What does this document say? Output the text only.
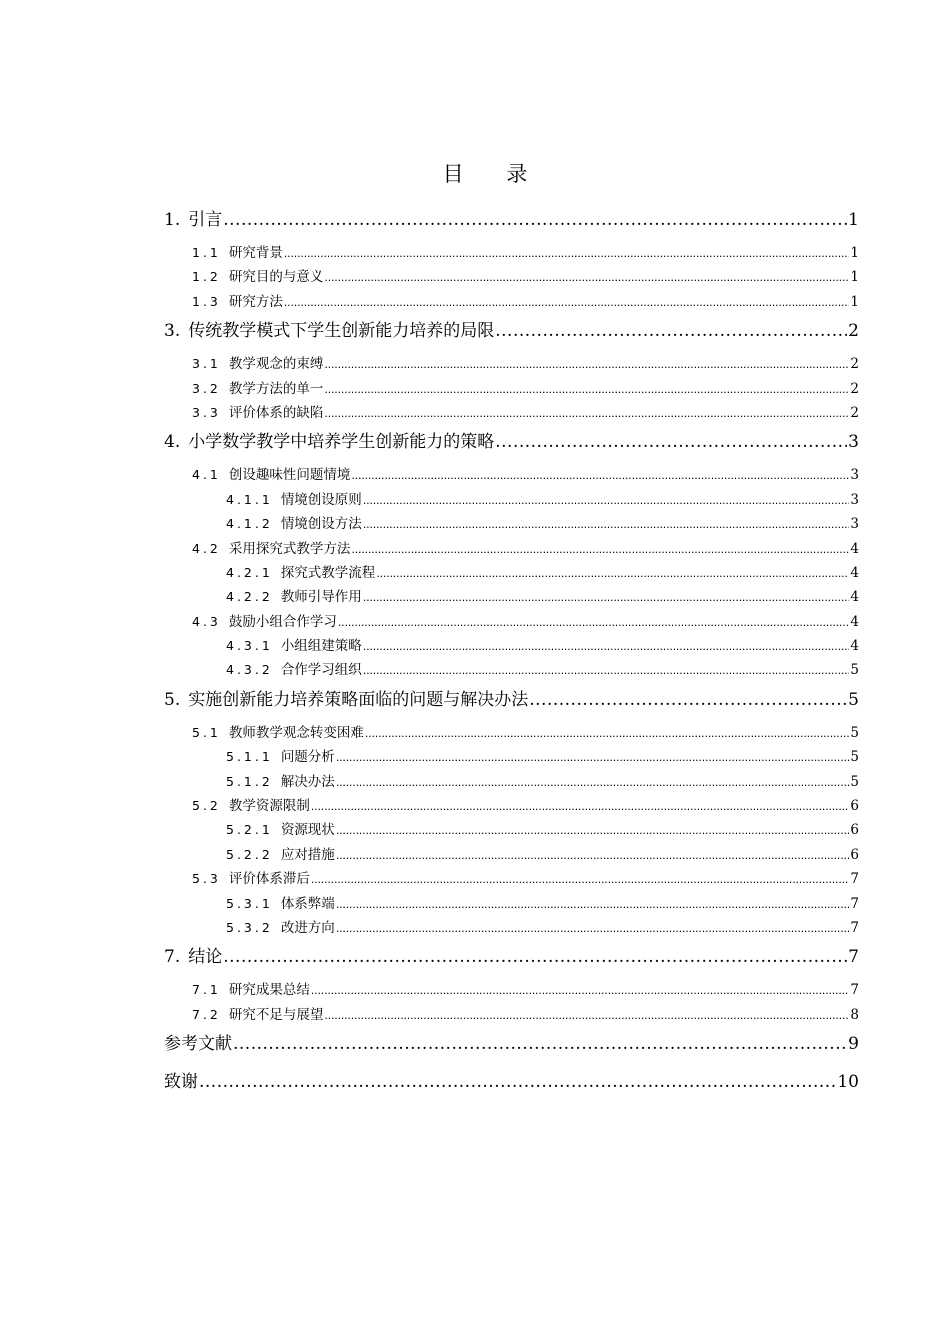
目 录
1. 引言 .....	1
1.1 研究背景 .....	1
1.2 研究目的与意义 .....	1
1.3 研究方法 .....	1
3. 传统教学模式下学生创新能力培养的局限 .....	2
3.1 教学观念的束缚 .....	2
3.2 教学方法的单一 .....	2
3.3 评价体系的缺陷 .....	2
4. 小学数学教学中培养学生创新能力的策略 .....	3
4.1 创设趣味性问题情境 .....	3
4.1.1 情境创设原则 .....	3
4.1.2 情境创设方法 .....	3
4.2 采用探究式教学方法 .....	4
4.2.1 探究式教学流程 .....	4
4.2.2 教师引导作用 .....	4
4.3 鼓励小组合作学习 .....	4
4.3.1 小组组建策略 .....	4
4.3.2 合作学习组织 .....	5
5. 实施创新能力培养策略面临的问题与解决办法 .....	5
5.1 教师教学观念转变困难 .....	5
5.1.1 问题分析 .....	5
5.1.2 解决办法 .....	5
5.2 教学资源限制 .....	6
5.2.1 资源现状 .....	6
5.2.2 应对措施 .....	6
5.3 评价体系滞后 .....	7
5.3.1 体系弊端 .....	7
5.3.2 改进方向 .....	7
7. 结论 .....	7
7.1 研究成果总结 .....	7
7.2 研究不足与展望 .....	8
参考文献 .....	9
致谢 .....	10
